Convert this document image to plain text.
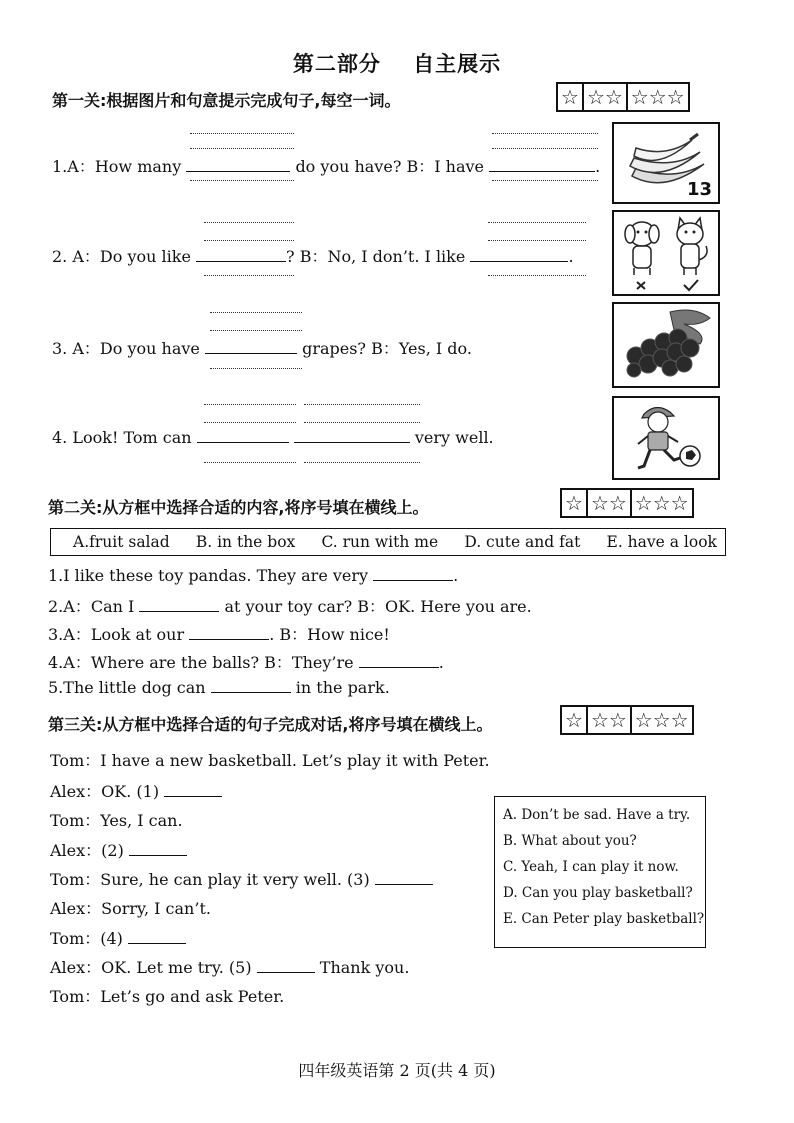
第二部分 自主展示
第一关:根据图片和句意提示完成句子,每空一词。	☆ ☆☆ ☆☆☆
1.A：How many	do you have? B：I have	.
13
2. A：Do you like	? B：No, I don’t. I like	.
3. A：Do you have	grapes? B：Yes, I do.
4. Look! Tom can	very well.
第二关:从方框中选择合适的内容,将序号填在横线上。	☆ ☆☆ ☆☆☆
A.fruit salad B. in the box C. run with me D. cute and fat E. have a look
1.I like these toy pandas. They are very	.
2.A：Can I	at your toy car? B：OK. Here you are.
3.A：Look at our	. B：How nice!
4.A：Where are the balls? B：They’re	.
5.The little dog can	in the park.
第三关:从方框中选择合适的句子完成对话,将序号填在横线上。	☆ ☆☆ ☆☆☆
Tom：I have a new basketball. Let’s play it with Peter.
Alex：OK. (1)
Tom：Yes, I can.
Alex：(2)
Tom：Sure, he can play it very well. (3)
Alex：Sorry, I can’t.
Tom：(4)
Alex：OK. Let me try. (5)	Thank you.
Tom：Let’s go and ask Peter.
A. Don’t be sad. Have a try.
B. What about you?
C. Yeah, I can play it now.
D. Can you play basketball?
E. Can Peter play basketball?
四年级英语第 2 页(共 4 页)
